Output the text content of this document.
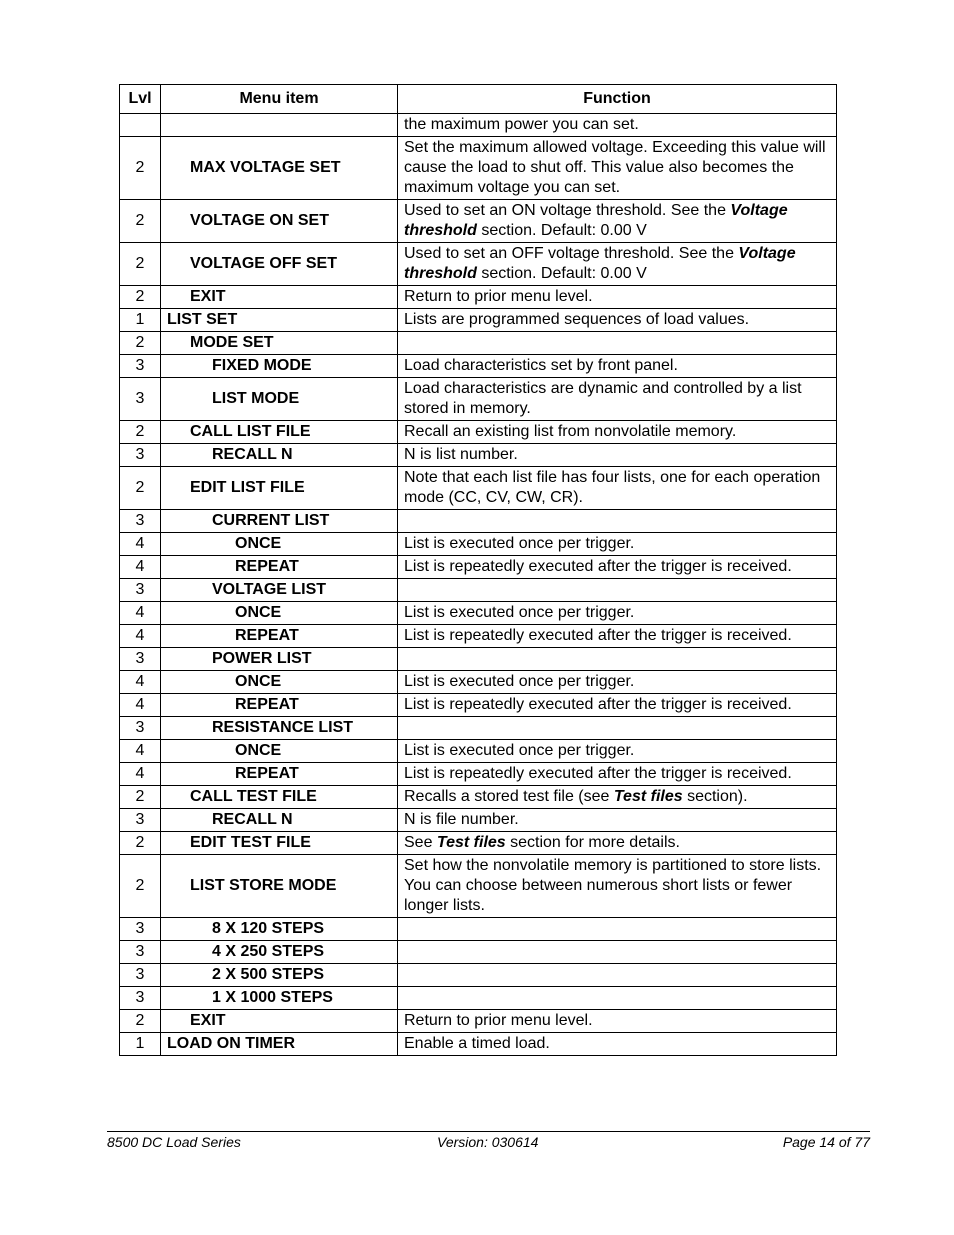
Lvl	Menu item	Function
		the maximum power you can set.
2	MAX VOLTAGE SET	Set the maximum allowed voltage. Exceeding this value will cause the load to shut off. This value also becomes the maximum voltage you can set.
2	VOLTAGE ON SET	Used to set an ON voltage threshold. See the Voltage threshold section. Default: 0.00 V
2	VOLTAGE OFF SET	Used to set an OFF voltage threshold. See the Voltage threshold section. Default: 0.00 V
2	EXIT	Return to prior menu level.
1	LIST SET	Lists are programmed sequences of load values.
2	MODE SET	
3	FIXED MODE	Load characteristics set by front panel.
3	LIST MODE	Load characteristics are dynamic and controlled by a list stored in memory.
2	CALL LIST FILE	Recall an existing list from nonvolatile memory.
3	RECALL N	N is list number.
2	EDIT LIST FILE	Note that each list file has four lists, one for each operation mode (CC, CV, CW, CR).
3	CURRENT LIST	
4	ONCE	List is executed once per trigger.
4	REPEAT	List is repeatedly executed after the trigger is received.
3	VOLTAGE LIST	
4	ONCE	List is executed once per trigger.
4	REPEAT	List is repeatedly executed after the trigger is received.
3	POWER LIST	
4	ONCE	List is executed once per trigger.
4	REPEAT	List is repeatedly executed after the trigger is received.
3	RESISTANCE LIST	
4	ONCE	List is executed once per trigger.
4	REPEAT	List is repeatedly executed after the trigger is received.
2	CALL TEST FILE	Recalls a stored test file (see Test files section).
3	RECALL N	N is file number.
2	EDIT TEST FILE	See Test files section for more details.
2	LIST STORE MODE	Set how the nonvolatile memory is partitioned to store lists. You can choose between numerous short lists or fewer longer lists.
3	8 X 120 STEPS	
3	4 X 250 STEPS	
3	2 X 500 STEPS	
3	1 X 1000 STEPS	
2	EXIT	Return to prior menu level.
1	LOAD ON TIMER	Enable a timed load.
8500 DC Load Series	Version: 030614	Page 14 of 77
